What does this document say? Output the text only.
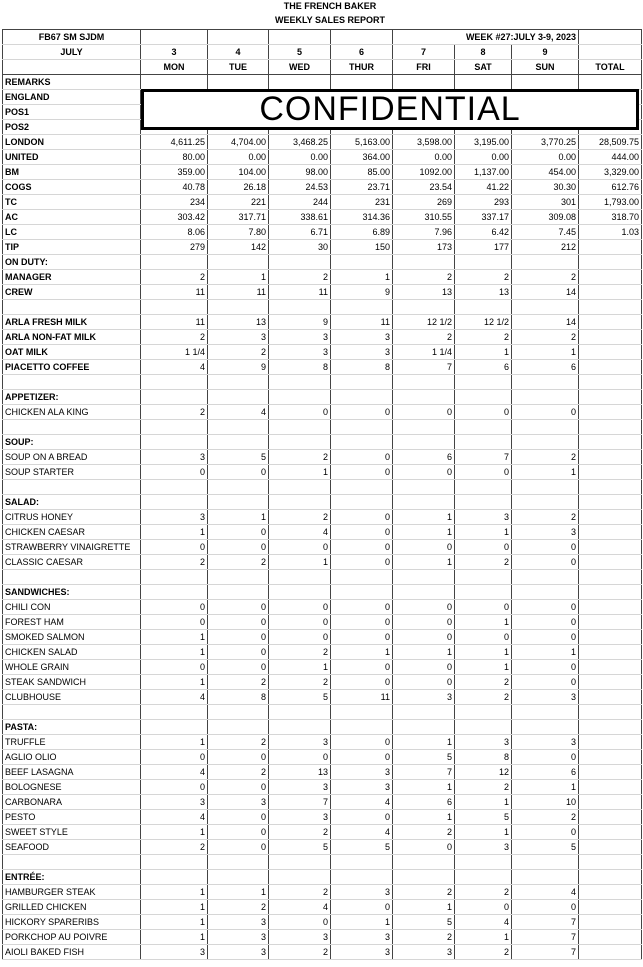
THE FRENCH BAKER
WEEKLY SALES REPORT
FB67 SM SJDM					WEEK #27:JULY 3-9, 2023			
JULY	3	4	5	6	7	8	9	
	MON	TUE	WED	THUR	FRI	SAT	SUN	TOTAL
REMARKS								
ENGLAND								
POS1								
POS2								
LONDON	4,611.25	4,704.00	3,468.25	5,163.00	3,598.00	3,195.00	3,770.25	28,509.75
UNITED	80.00	0.00	0.00	364.00	0.00	0.00	0.00	444.00
BM	359.00	104.00	98.00	85.00	1092.00	1,137.00	454.00	3,329.00
COGS	40.78	26.18	24.53	23.71	23.54	41.22	30.30	612.76
TC	234	221	244	231	269	293	301	1,793.00
AC	303.42	317.71	338.61	314.36	310.55	337.17	309.08	318.70
LC	8.06	7.80	6.71	6.89	7.96	6.42	7.45	1.03
TIP	279	142	30	150	173	177	212	
ON DUTY:								
MANAGER	2	1	2	1	2	2	2	
CREW	11	11	11	9	13	13	14	

ARLA FRESH MILK	11	13	9	11	12 1/2	12 1/2	14	
ARLA NON-FAT MILK	2	3	3	3	2	2	2	
OAT MILK	1 1/4	2	3	3	1 1/4	1	1	
PIACETTO COFFEE	4	9	8	8	7	6	6	

APPETIZER:								
CHICKEN ALA KING	2	4	0	0	0	0	0	

SOUP:								
SOUP ON A BREAD	3	5	2	0	6	7	2	
SOUP STARTER	0	0	1	0	0	0	1	

SALAD:								
CITRUS HONEY	3	1	2	0	1	3	2	
CHICKEN CAESAR	1	0	4	0	1	1	3	
STRAWBERRY VINAIGRETTE	0	0	0	0	0	0	0	
CLASSIC CAESAR	2	2	1	0	1	2	0	

SANDWICHES:								
CHILI CON	0	0	0	0	0	0	0	
FOREST HAM	0	0	0	0	0	1	0	
SMOKED SALMON	1	0	0	0	0	0	0	
CHICKEN SALAD	1	0	2	1	1	1	1	
WHOLE GRAIN	0	0	1	0	0	1	0	
STEAK SANDWICH	1	2	2	0	0	2	0	
CLUBHOUSE	4	8	5	11	3	2	3	

PASTA:								
TRUFFLE	1	2	3	0	1	3	3	
AGLIO OLIO	0	0	0	0	5	8	0	
BEEF LASAGNA	4	2	13	3	7	12	6	
BOLOGNESE	0	0	3	3	1	2	1	
CARBONARA	3	3	7	4	6	1	10	
PESTO	4	0	3	0	1	5	2	
SWEET STYLE	1	0	2	4	2	1	0	
SEAFOOD	2	0	5	5	0	3	5	

ENTRÉE:								
HAMBURGER STEAK	1	1	2	3	2	2	4	
GRILLED CHICKEN	1	2	4	0	1	0	0	
HICKORY SPARERIBS	1	3	0	1	5	4	7	
PORKCHOP AU POIVRE	1	3	3	3	2	1	7	
AIOLI BAKED FISH	3	3	2	3	3	2	7	
CONFIDENTIAL
